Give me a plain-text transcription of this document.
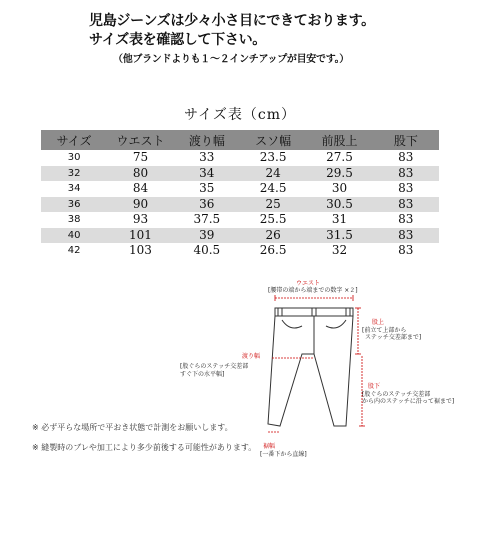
児島ジーンズは少々小さ目にできております。
サイズ表を確認して下さい。
（他ブランドよりも１～２インチアップが目安です。）
サイズ表（cm）
サイズ	ウエスト	渡り幅	スソ幅	前股上	股下
30	75	33	23.5	27.5	83
32	80	34	24	29.5	83
34	84	35	24.5	30	83
36	90	36	25	30.5	83
38	93	37.5	25.5	31	83
40	101	39	26	31.5	83
42	103	40.5	26.5	32	83
※ 必ず平らな場所で平おき状態で計測をお願いします。
※ 縫製時のブレや加工により多少前後する可能性があります。
ウエスト
[腰帯の端から端までの数字 ×２]
股上
[前立て上部から
ステッチ交差部まで]
渡り幅
[股ぐらのステッチ交差部
すぐ下の水平幅]
股下
[股ぐらのステッチ交差部
から内のステッチに沿って裾まで]
裾幅
[一番下から直線]
